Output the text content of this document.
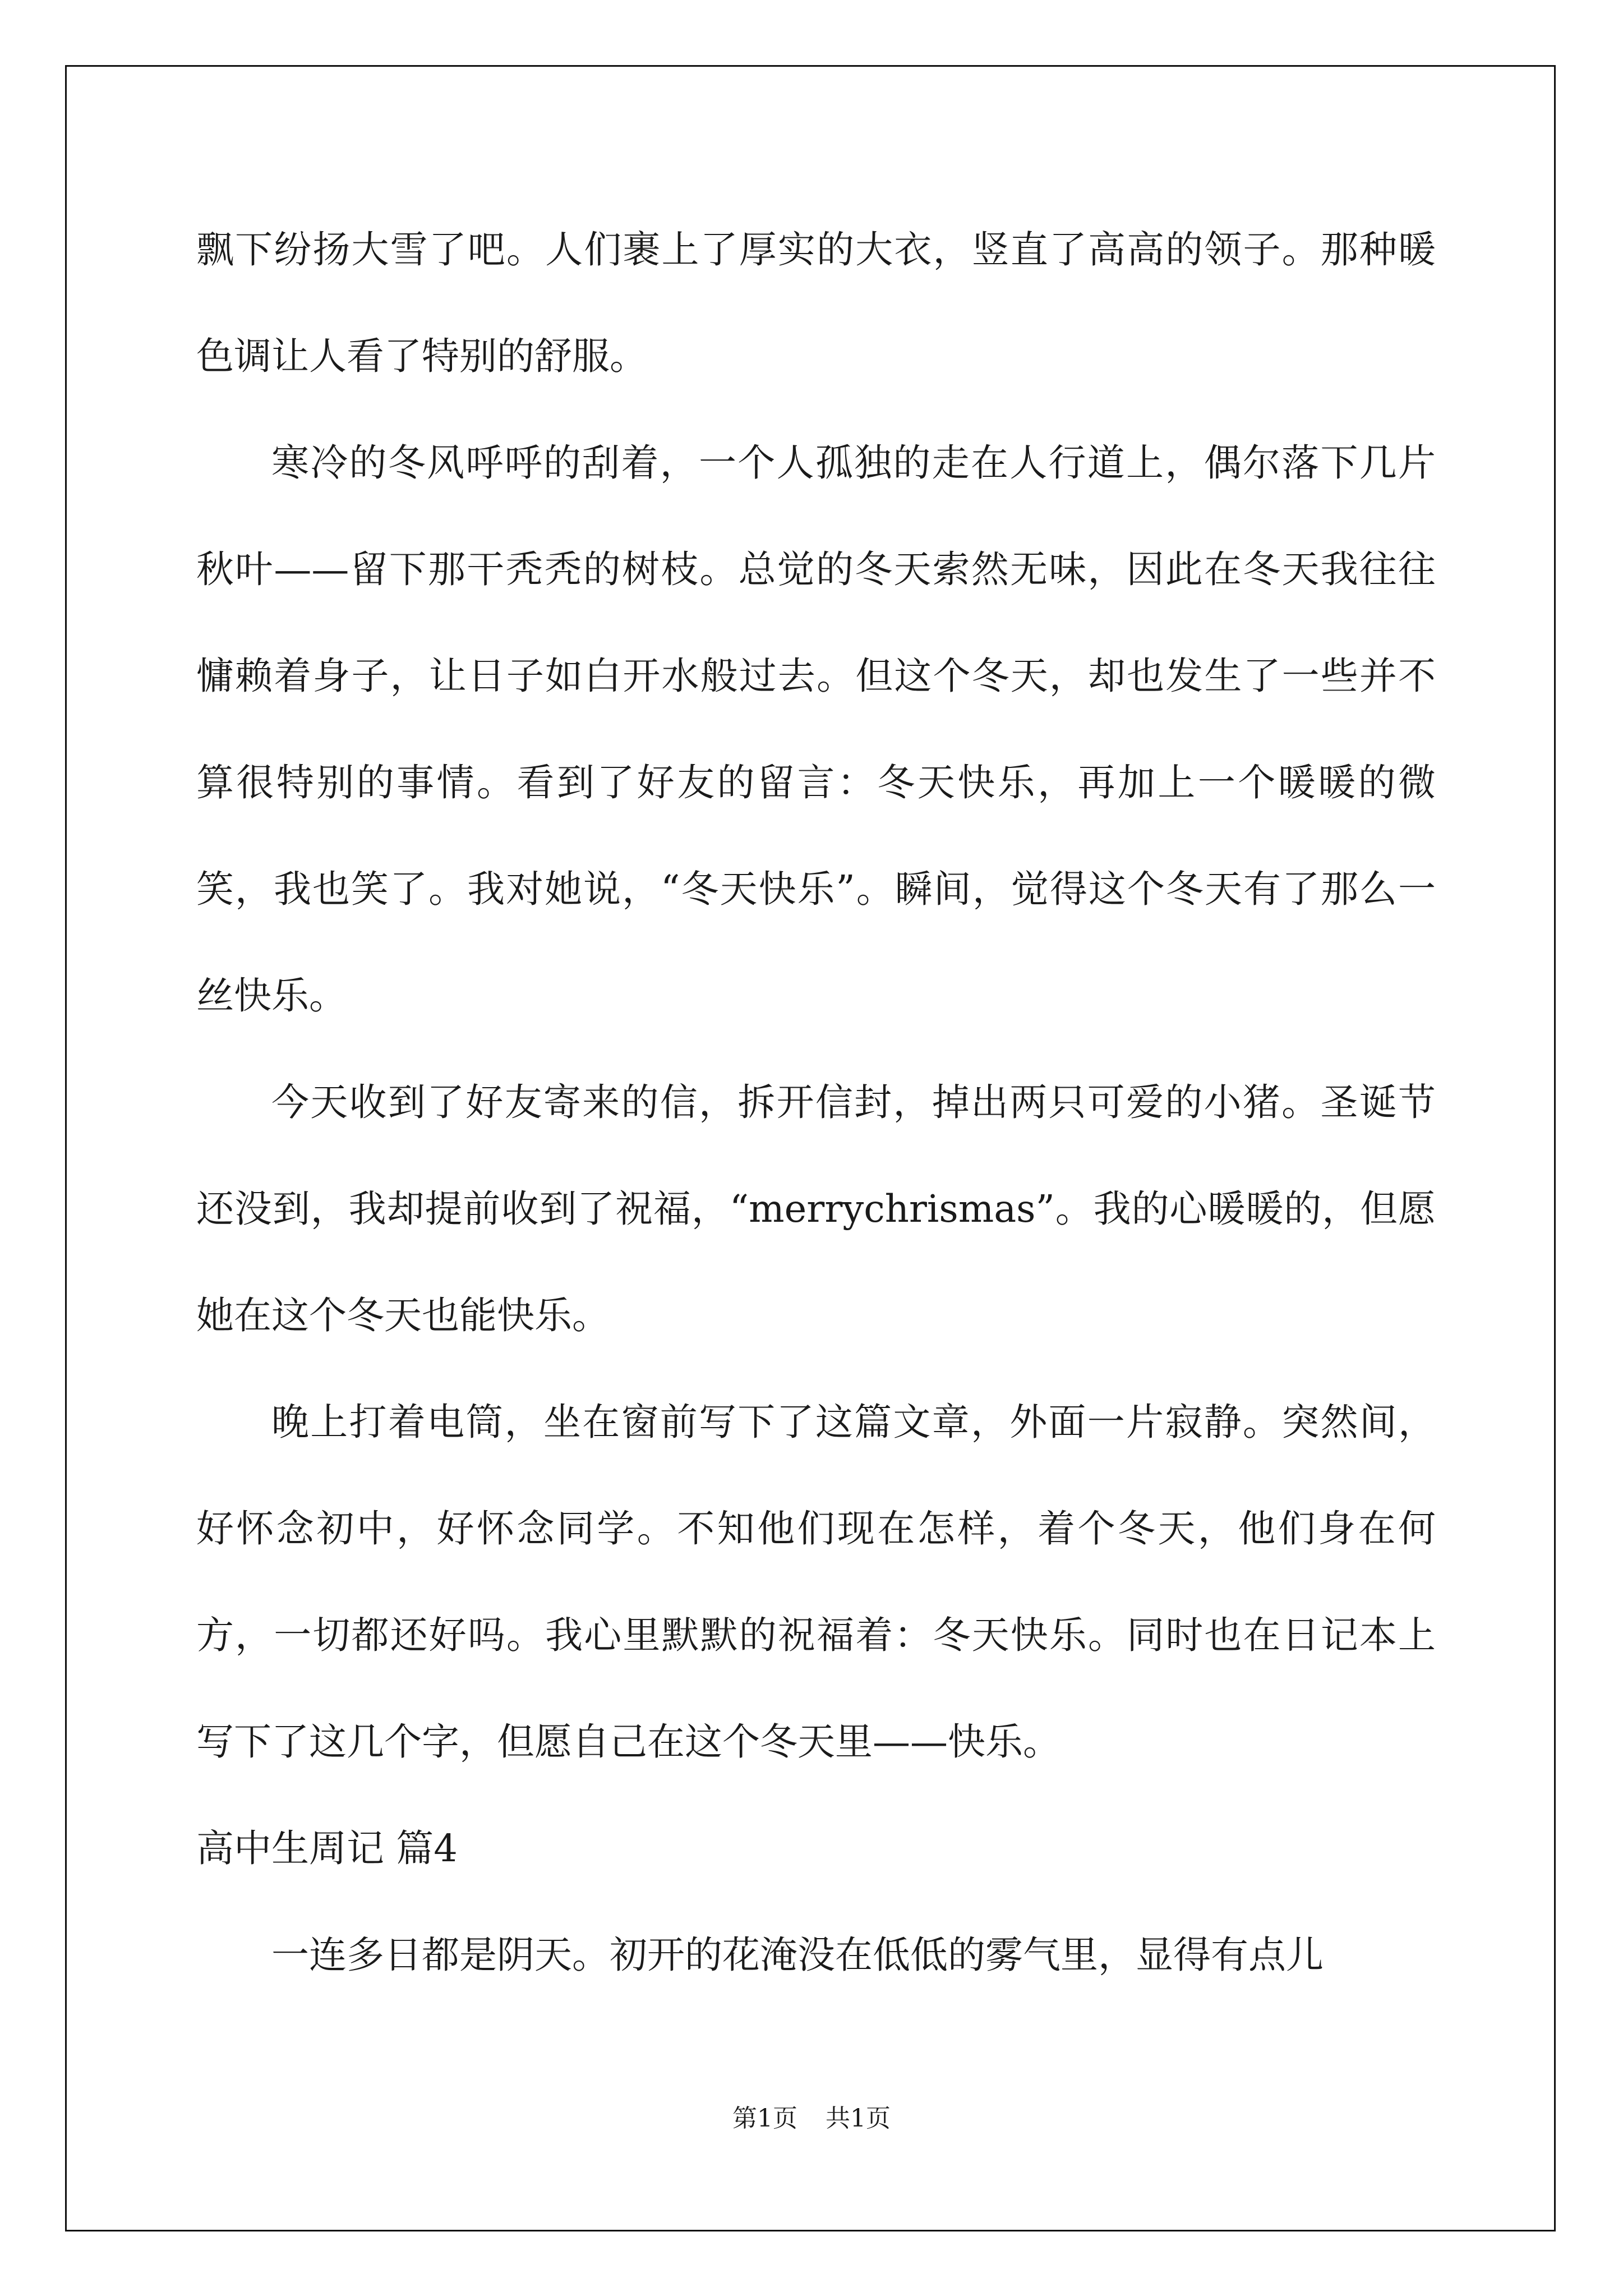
飘下纷扬大雪了吧。人们裹上了厚实的大衣，竖直了高高的领子。那种暖色调让人看了特别的舒服。

寒冷的冬风呼呼的刮着，一个人孤独的走在人行道上，偶尔落下几片秋叶——留下那干秃秃的树枝。总觉的冬天索然无味，因此在冬天我往往慵赖着身子，让日子如白开水般过去。但这个冬天，却也发生了一些并不算很特别的事情。看到了好友的留言：冬天快乐，再加上一个暖暖的微笑，我也笑了。我对她说，“冬天快乐”。瞬间，觉得这个冬天有了那么一丝快乐。

今天收到了好友寄来的信，拆开信封，掉出两只可爱的小猪。圣诞节还没到，我却提前收到了祝福，“merrychrismas”。我的心暖暖的，但愿她在这个冬天也能快乐。

晚上打着电筒，坐在窗前写下了这篇文章，外面一片寂静。突然间，好怀念初中，好怀念同学。不知他们现在怎样，着个冬天，他们身在何方，一切都还好吗。我心里默默的祝福着：冬天快乐。同时也在日记本上写下了这几个字，但愿自己在这个冬天里——快乐。

高中生周记 篇4

一连多日都是阴天。初开的花淹没在低低的雾气里，显得有点儿

第1页 共1页
